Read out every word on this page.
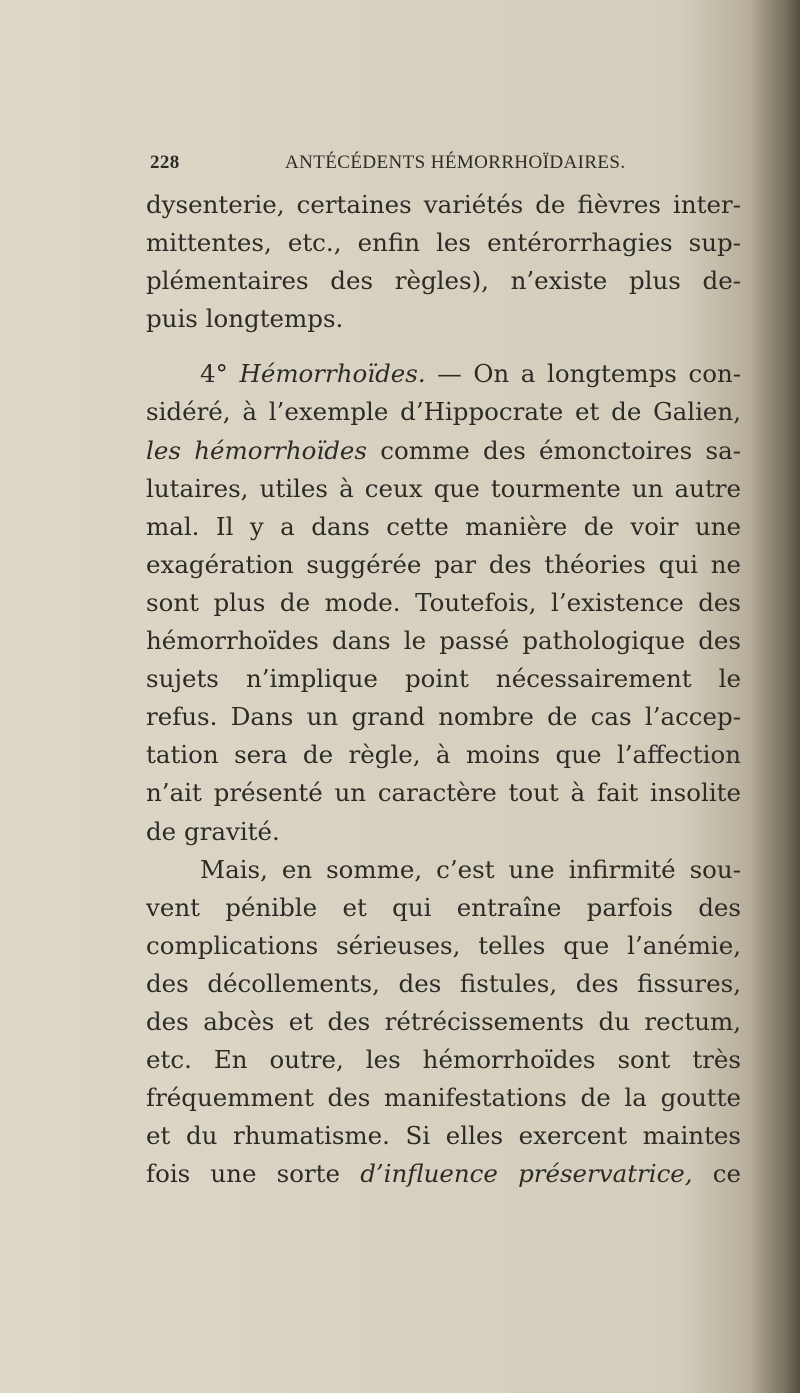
228	ANTÉCÉDENTS HÉMORRHOÏDAIRES.

dysenterie, certaines variétés de fièvres inter-
mittentes, etc., enfin les entérorrhagies sup-
plémentaires des règles), n’existe plus de-
puis longtemps.

4° Hémorrhoïdes. — On a longtemps con-
sidéré, à l’exemple d’Hippocrate et de Galien,
les hémorrhoïdes comme des émonctoires sa-
lutaires, utiles à ceux que tourmente un autre
mal. Il y a dans cette manière de voir une
exagération suggérée par des théories qui ne
sont plus de mode. Toutefois, l’existence des
hémorrhoïdes dans le passé pathologique des
sujets n’implique point nécessairement le
refus. Dans un grand nombre de cas l’accep-
tation sera de règle, à moins que l’affection
n’ait présenté un caractère tout à fait insolite
de gravité.

Mais, en somme, c’est une infirmité sou-
vent pénible et qui entraîne parfois des
complications sérieuses, telles que l’anémie,
des décollements, des fistules, des fissures,
des abcès et des rétrécissements du rectum,
etc. En outre, les hémorrhoïdes sont très
fréquemment des manifestations de la goutte
et du rhumatisme. Si elles exercent maintes
fois une sorte d’influence préservatrice, ce
